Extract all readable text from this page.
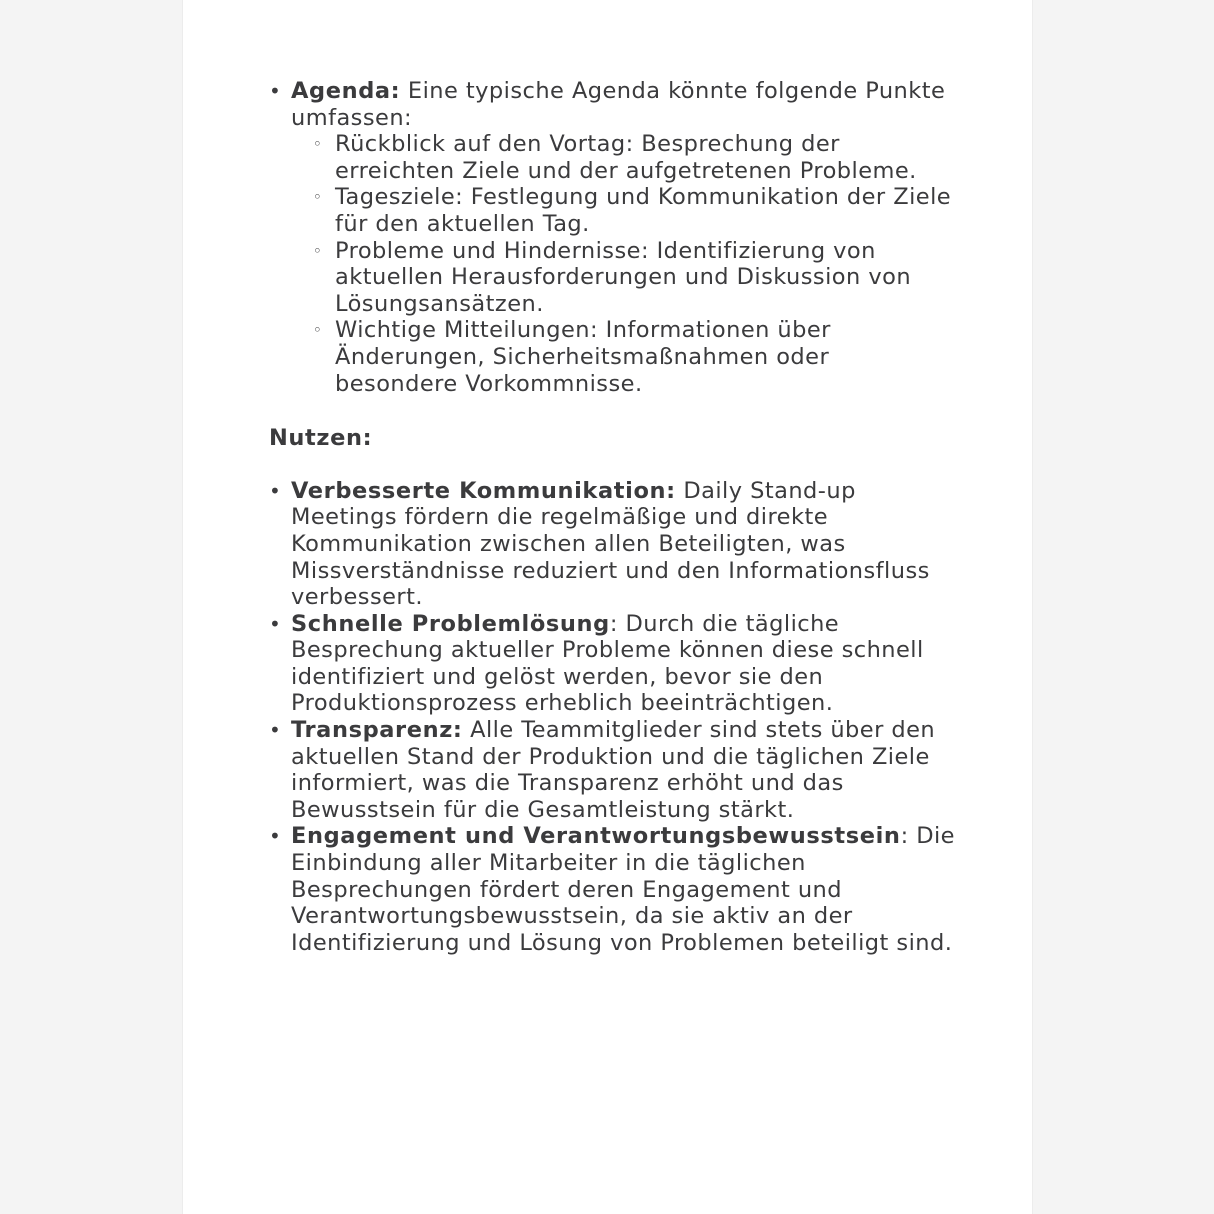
• Agenda: Eine typische Agenda könnte folgende Punkte umfassen:
◦ Rückblick auf den Vortag: Besprechung der erreichten Ziele und der aufgetretenen Probleme.
◦ Tagesziele: Festlegung und Kommunikation der Ziele für den aktuellen Tag.
◦ Probleme und Hindernisse: Identifizierung von aktuellen Herausforderungen und Diskussion von Lösungsansätzen.
◦ Wichtige Mitteilungen: Informationen über Änderungen, Sicherheitsmaßnahmen oder besondere Vorkommnisse.
Nutzen:
• Verbesserte Kommunikation: Daily Stand-up Meetings fördern die regelmäßige und direkte Kommunikation zwischen allen Beteiligten, was Missverständnisse reduziert und den Informationsfluss verbessert.
• Schnelle Problemlösung: Durch die tägliche Besprechung aktueller Probleme können diese schnell identifiziert und gelöst werden, bevor sie den Produktionsprozess erheblich beeinträchtigen.
• Transparenz: Alle Teammitglieder sind stets über den aktuellen Stand der Produktion und die täglichen Ziele informiert, was die Transparenz erhöht und das Bewusstsein für die Gesamtleistung stärkt.
• Engagement und Verantwortungsbewusstsein: Die Einbindung aller Mitarbeiter in die täglichen Besprechungen fördert deren Engagement und Verantwortungsbewusstsein, da sie aktiv an der Identifizierung und Lösung von Problemen beteiligt sind.
